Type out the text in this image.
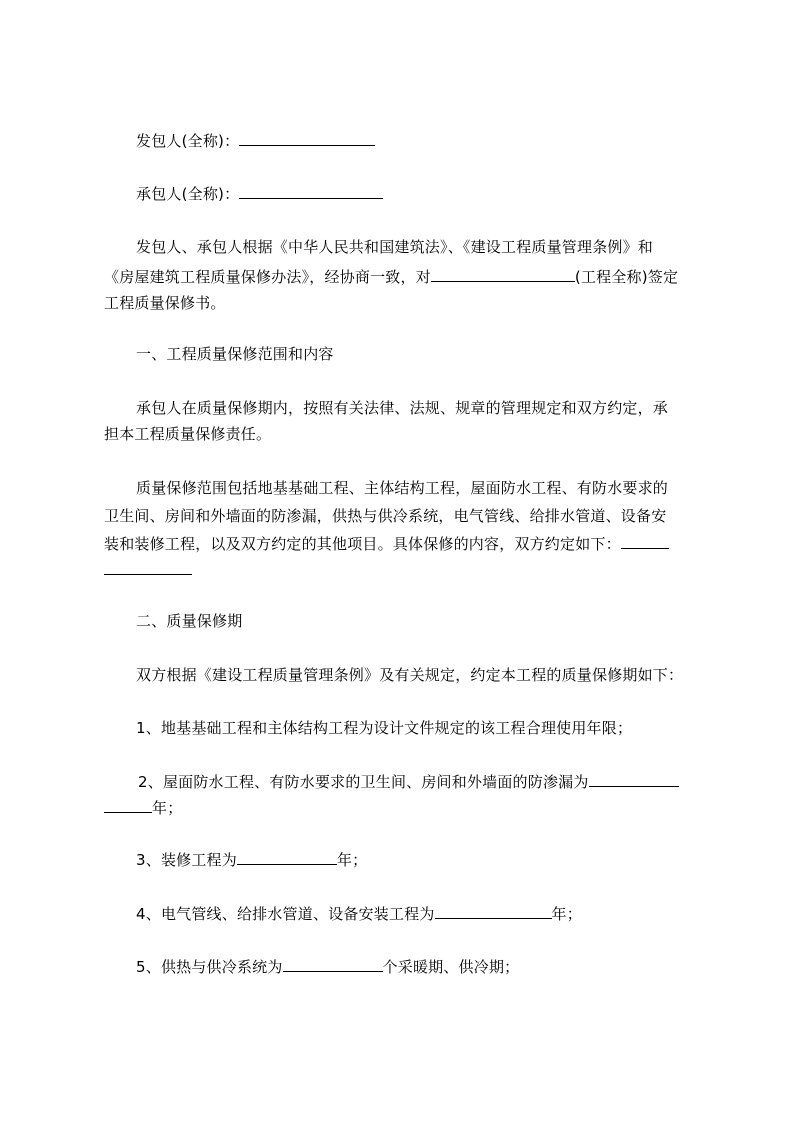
发包人(全称)：
承包人(全称)：
发包人、承包人根据《中华人民共和国建筑法》、《建设工程质量管理条例》和
《房屋建筑工程质量保修办法》，经协商一致，对	(工程全称)签定
工程质量保修书。
一、工程质量保修范围和内容
承包人在质量保修期内，按照有关法律、法规、规章的管理规定和双方约定，承
担本工程质量保修责任。
质量保修范围包括地基基础工程、主体结构工程，屋面防水工程、有防水要求的
卫生间、房间和外墙面的防渗漏，供热与供冷系统，电气管线、给排水管道、设备安
装和装修工程，以及双方约定的其他项目。具体保修的内容，双方约定如下：
二、质量保修期
双方根据《建设工程质量管理条例》及有关规定，约定本工程的质量保修期如下：
1、地基基础工程和主体结构工程为设计文件规定的该工程合理使用年限；
2、屋面防水工程、有防水要求的卫生间、房间和外墙面的防渗漏为
年；
3、装修工程为	年；
4、电气管线、给排水管道、设备安装工程为	年；
5、供热与供冷系统为	个采暖期、供冷期；
